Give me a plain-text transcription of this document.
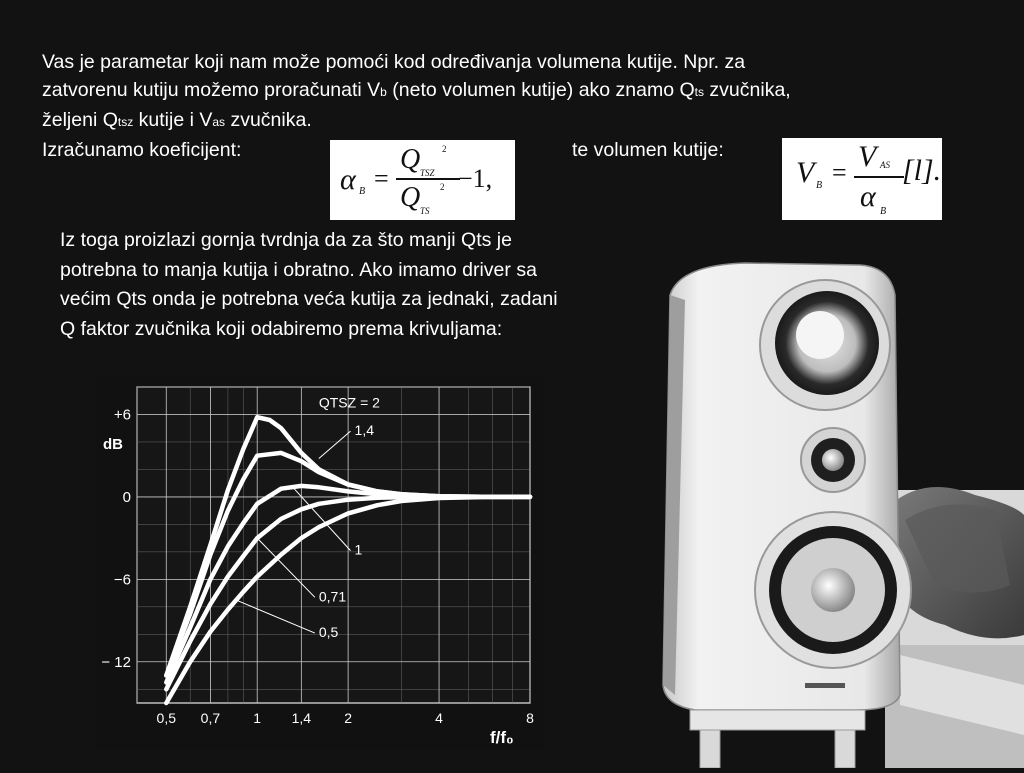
Vas je parametar koji nam može pomoći kod određivanja volumena kutije. Npr. za

zatvorenu kutiju možemo proračunati Vb (neto volumen kutije) ako znamo Qts zvučnika,

željeni Qtsz kutije i Vas zvučnika.

Izračunamo koeficijent:	te volumen kutije:

α B =
Q TSZ
2
Q TS
2 −1,	V B = V AS
α B
[l].

Iz toga proizlazi gornja tvrdnja da za što manji Qts je

potrebna to manja kutija i obratno. Ako imamo driver sa

većim Qts onda je potrebna veća kutija za jednaki, zadani

Q faktor zvučnika koji odabiremo prema krivuljama:

+6
0
−6
− 12
dB
0,5 0,7 1 1,4 2	4	8
f/f₀
QTSZ = 2
1,4
1
0,71
0,5
